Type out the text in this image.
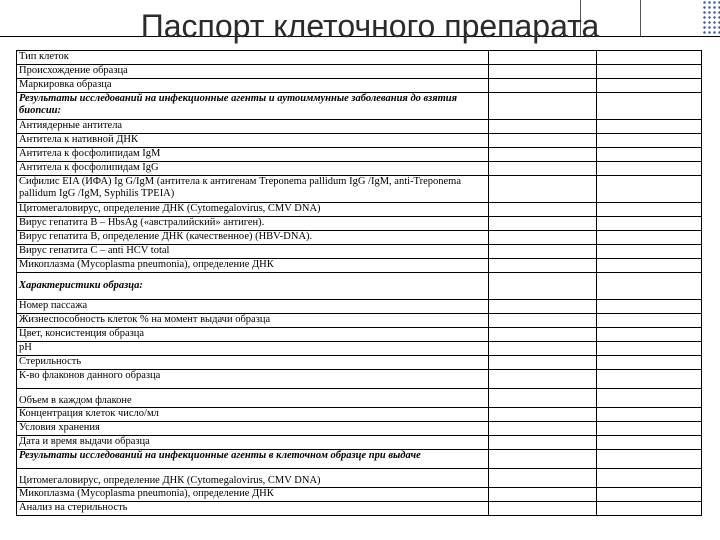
Паспорт клеточного препарата
Тип клеток		
Происхождение образца		
Маркировка образца		
Результаты исследований на инфекционные агенты и аутоиммунные заболевания до взятия биопсии:		
Антиядерные антитела		
Антитела к нативной ДНК		
Антитела к фосфолипидам IgM		
Антитела к фосфолипидам IgG		
Сифилис EIA (ИФА) Ig G/IgM (антитела к антигенам Treponema pallidum IgG /IgM, anti-Treponema pallidum IgG /IgM, Syphilis TPEIA)		
Цитомегаловирус, определение ДНК (Cytomegalovirus, CMV DNA)		
Вирус гепатита В – HbsAg («австралийский» антиген).		
Вирус гепатита В, определение ДНК (качественное) (HBV-DNA).		
Вирус гепатита С – anti HCV total		
Микоплазма (Mycoplasma pneumonia), определение ДНК		
Характеристики образца:		
Номер пассажа		
Жизнеспособность клеток % на момент выдачи образца		
Цвет, консистенция образца		
pH		
Стерильность		
К-во флаконов данного образца		
Объем в каждом флаконе		
Концентрация клеток число/мл		
Условия хранения		
Дата и время выдачи образца		
Результаты исследований на инфекционные агенты в клеточном образце при выдаче		
Цитомегаловирус, определение ДНК (Cytomegalovirus, CMV DNA)		
Микоплазма (Mycoplasma pneumonia), определение ДНК		
Анализ на стерильность		
